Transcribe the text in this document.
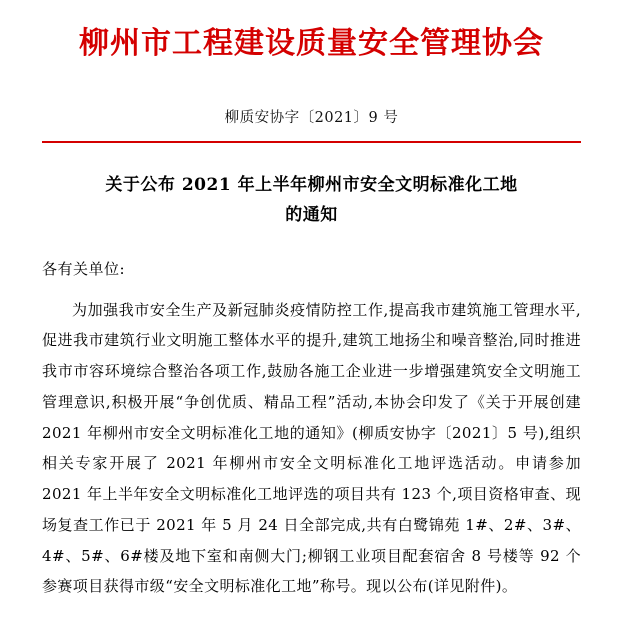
柳州市工程建设质量安全管理协会
柳质安协字〔2021〕9 号
关于公布 2021 年上半年柳州市安全文明标准化工地
的通知
各有关单位:

为加强我市安全生产及新冠肺炎疫情防控工作,提高我市建筑施工管理水平,促进我市建筑行业文明施工整体水平的提升,建筑工地扬尘和噪音整治,同时推进我市市容环境综合整治各项工作,鼓励各施工企业进一步增强建筑安全文明施工管理意识,积极开展“争创优质、精品工程”活动,本协会印发了《关于开展创建 2021 年柳州市安全文明标准化工地的通知》(柳质安协字〔2021〕5 号),组织相关专家开展了 2021 年柳州市安全文明标准化工地评选活动。申请参加 2021 年上半年安全文明标准化工地评选的项目共有 123 个,项目资格审查、现场复查工作已于 2021 年 5 月 24 日全部完成,共有白鹭锦苑 1#、2#、3#、4#、5#、6#楼及地下室和南侧大门;柳钢工业项目配套宿舍 8 号楼等 92 个参赛项目获得市级“安全文明标准化工地”称号。现以公布(详见附件)。
